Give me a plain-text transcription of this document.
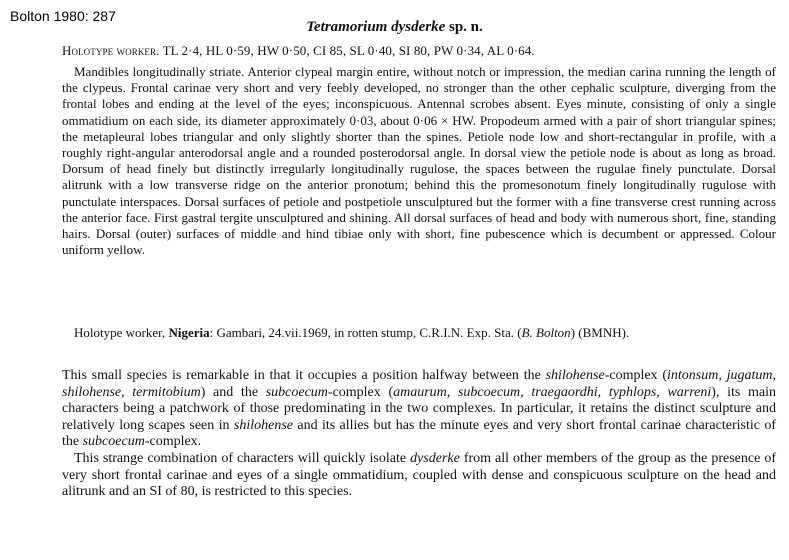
Bolton 1980: 287
Tetramorium dysderke sp. n.
Holotype worker. TL 2·4, HL 0·59, HW 0·50, CI 85, SL 0·40, SI 80, PW 0·34, AL 0·64.

Mandibles longitudinally striate. Anterior clypeal margin entire, without notch or impression, the median carina running the length of the clypeus. Frontal carinae very short and very feebly developed, no stronger than the other cephalic sculpture, diverging from the frontal lobes and ending at the level of the eyes; inconspicuous. Antennal scrobes absent. Eyes minute, consisting of only a single ommatidium on each side, its diameter approximately 0·03, about 0·06 × HW. Propodeum armed with a pair of short triangular spines; the metapleural lobes triangular and only slightly shorter than the spines. Petiole node low and short-rectangular in profile, with a roughly right-angular anterodorsal angle and a rounded posterodorsal angle. In dorsal view the petiole node is about as long as broad. Dorsum of head finely but distinctly irregularly longitudinally rugulose, the spaces between the rugulae finely punctulate. Dorsal alitrunk with a low transverse ridge on the anterior pronotum; behind this the promesonotum finely longitudinally rugulose with punctulate interspaces. Dorsal surfaces of petiole and postpetiole unsculptured but the former with a fine transverse crest running across the anterior face. First gastral tergite unsculptured and shining. All dorsal surfaces of head and body with numerous short, fine, standing hairs. Dorsal (outer) surfaces of middle and hind tibiae only with short, fine pubescence which is decumbent or appressed. Colour uniform yellow.

Holotype worker, Nigeria: Gambari, 24.vii.1969, in rotten stump, C.R.I.N. Exp. Sta. (B. Bolton) (BMNH).

This small species is remarkable in that it occupies a position halfway between the shilohense-complex (intonsum, jugatum, shilohense, termitobium) and the subcoecum-complex (amaurum, subcoecum, traegaordhi, typhlops, warreni), its main characters being a patchwork of those predominating in the two complexes. In particular, it retains the distinct sculpture and relatively long scapes seen in shilohense and its allies but has the minute eyes and very short frontal carinae characteristic of the subcoecum-complex.

This strange combination of characters will quickly isolate dysderke from all other members of the group as the presence of very short frontal carinae and eyes of a single ommatidium, coupled with dense and conspicuous sculpture on the head and alitrunk and an SI of 80, is restricted to this species.
